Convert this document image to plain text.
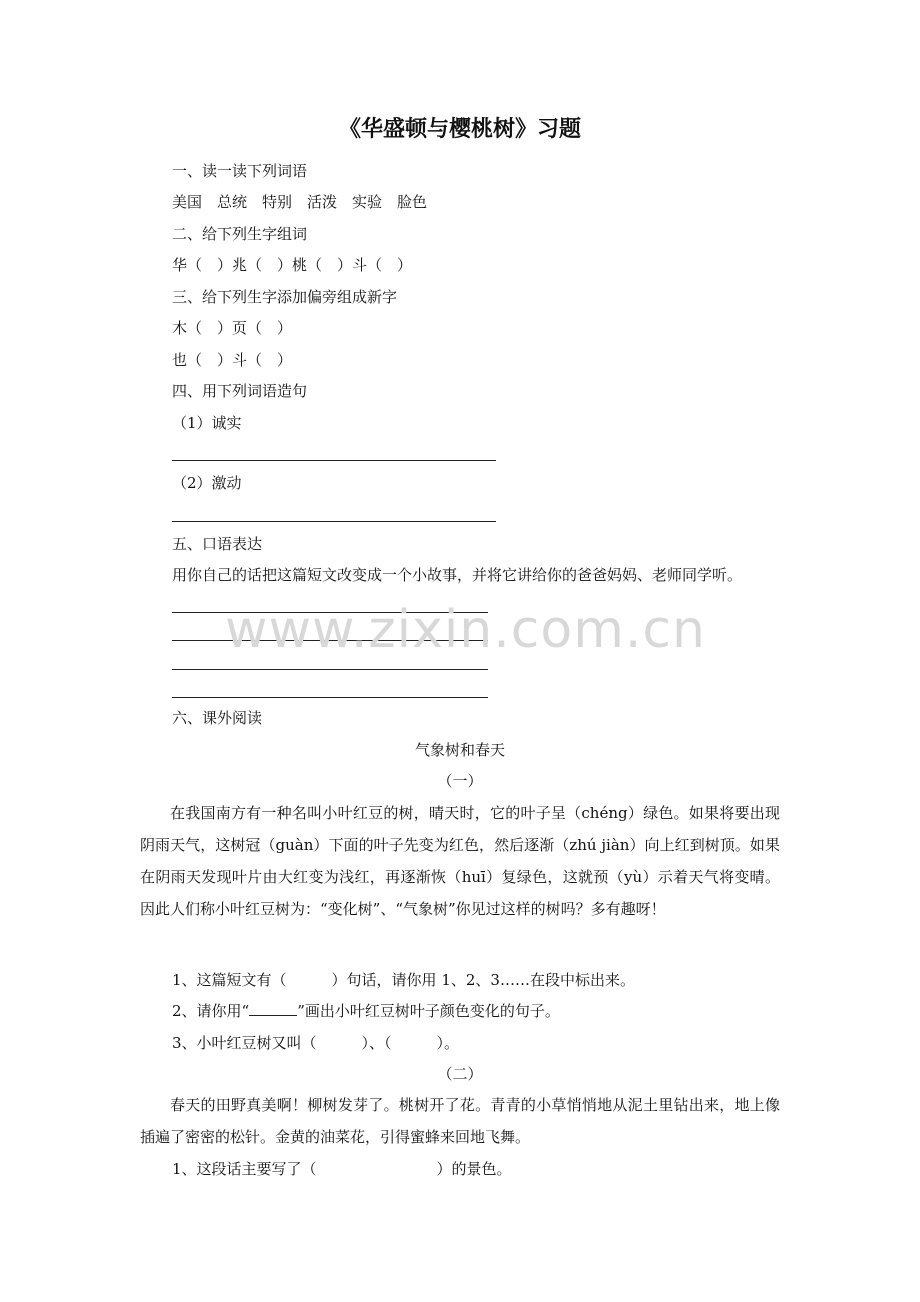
《华盛顿与樱桃树》习题
一、读一读下列词语
美国　总统　特别　活泼　实验　脸色
二、给下列生字组词
华（　）兆（　）桃（　）斗（　）
三、给下列生字添加偏旁组成新字
木（　）页（　）
也（　）斗（　）
四、用下列词语造句
（1）诚实
（2）激动
五、口语表达
用你自己的话把这篇短文改变成一个小故事，并将它讲给你的爸爸妈妈、老师同学听。
六、课外阅读
气象树和春天
（一）

在我国南方有一种名叫小叶红豆的树，晴天时，它的叶子呈（chéng）绿色。如果将要出现阴雨天气，这树冠（guàn）下面的叶子先变为红色，然后逐渐（zhú jiàn）向上红到树顶。如果在阴雨天发现叶片由大红变为浅红，再逐渐恢（huī）复绿色，这就预（yù）示着天气将变晴。因此人们称小叶红豆树为：“变化树”、“气象树”你见过这样的树吗？多有趣呀！

1、这篇短文有（　　　）句话，请你用 1、2、3……在段中标出来。
2、请你用“	”画出小叶红豆树叶子颜色变化的句子。
3、小叶红豆树又叫（　　　）、（　　　）。
（二）

春天的田野真美啊！柳树发芽了。桃树开了花。青青的小草悄悄地从泥土里钻出来，地上像插遍了密密的松针。金黄的油菜花，引得蜜蜂来回地飞舞。

1、这段话主要写了（　　　　　　　　）的景色。
www.zixin.com.cn
